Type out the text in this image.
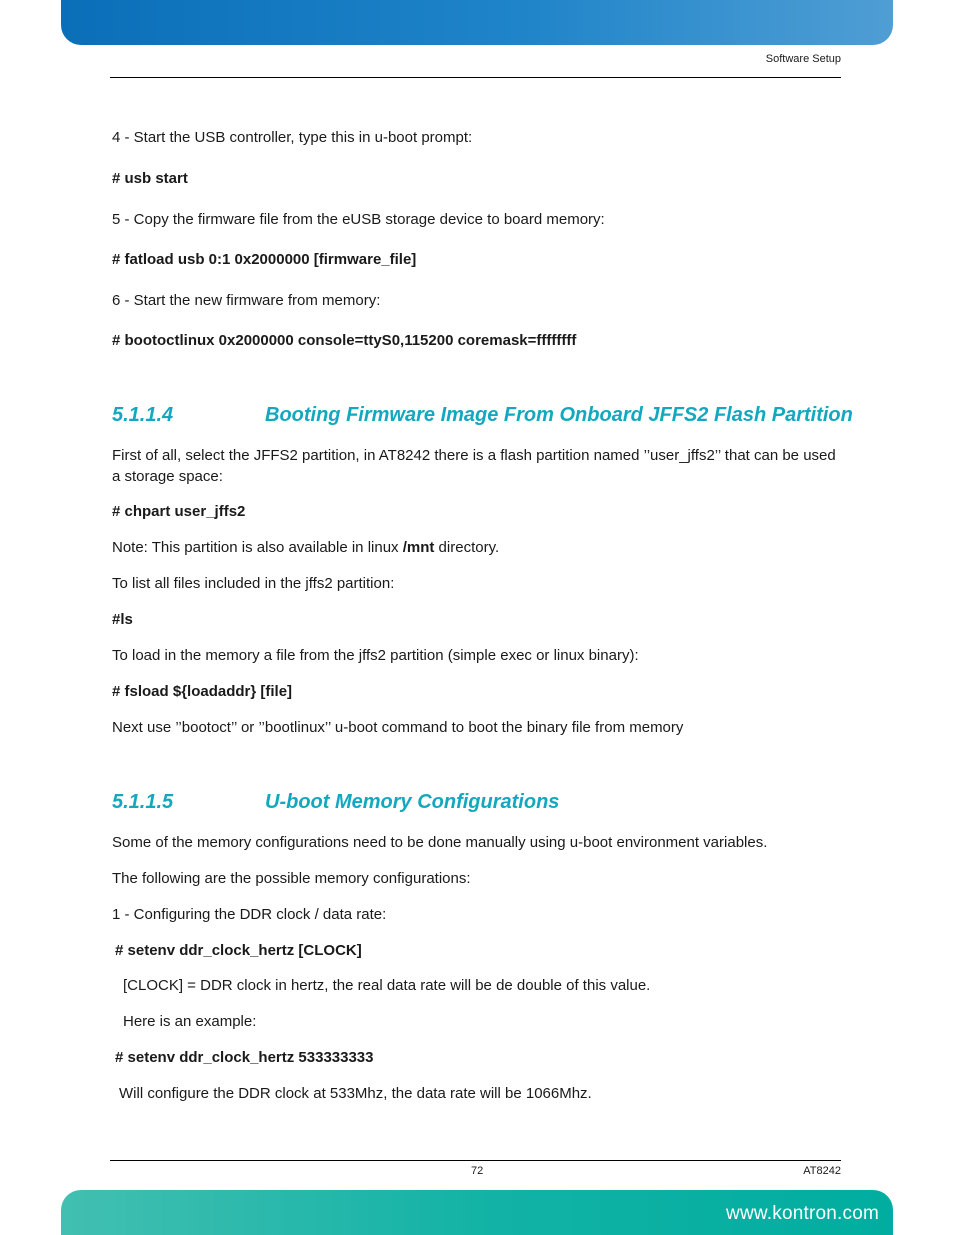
Software Setup

4 - Start the USB controller, type this in u-boot prompt:

# usb start

5 - Copy the firmware file from the eUSB storage device to board memory:

# fatload usb 0:1 0x2000000 [firmware_file]

6 - Start the new firmware from memory:

# bootoctlinux 0x2000000 console=ttyS0,115200 coremask=ffffffff

5.1.1.4	Booting Firmware Image From Onboard JFFS2 Flash Partition

First of all, select the JFFS2 partition, in AT8242 there is a flash partition named ’’user_jffs2’’ that can be used a storage space:

# chpart user_jffs2

Note: This partition is also available in linux /mnt directory.

To list all files included in the jffs2 partition:

#ls

To load in the memory a file from the jffs2 partition (simple exec or linux binary):

# fsload ${loadaddr} [file]

Next use ’’bootoct’’ or ’’bootlinux’’ u-boot command to boot the binary file from memory

5.1.1.5	U-boot Memory Configurations

Some of the memory configurations need to be done manually using u-boot environment variables.

The following are the possible memory configurations:

1 - Configuring the DDR clock / data rate:

# setenv ddr_clock_hertz [CLOCK]

[CLOCK] = DDR clock in hertz, the real data rate will be de double of this value.

Here is an example:

# setenv ddr_clock_hertz 533333333

Will configure the DDR clock at 533Mhz, the data rate will be 1066Mhz.

72	AT8242
www.kontron.com
